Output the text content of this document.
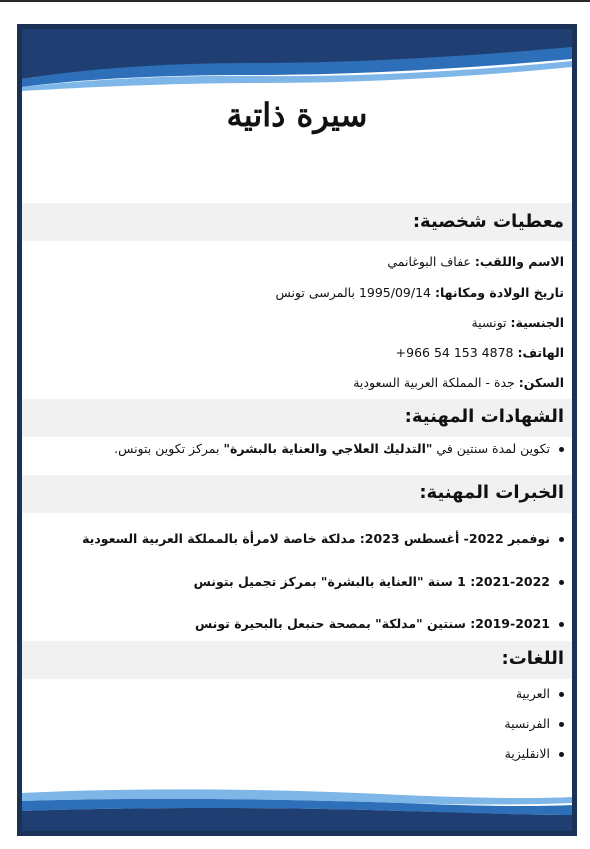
سيرة ذاتية
معطيات شخصية:
الاسم واللقب: عفاف البوغانمي
تاريخ الولادة ومكانها: 1995/09/14 بالمرسى تونس
الجنسية: تونسية
الهاتف: +966 54 153 4878
السكن: جدة - المملكة العربية السعودية
الشهادات المهنية:
تكوين لمدة سنتين في "التدليك العلاجي والعناية بالبشرة" بمركز تكوين بتونس.
الخبرات المهنية:
نوفمبر 2022- أغسطس 2023: مدلكة خاصة لامرأة بالمملكة العربية السعودية
2021-2022: 1 سنة "العناية بالبشرة" بمركز تجميل بتونس
2019-2021: سنتين "مدلكة" بمصحة حنبعل بالبحيرة تونس
اللغات:
العربية
الفرنسية
الانقليزية
